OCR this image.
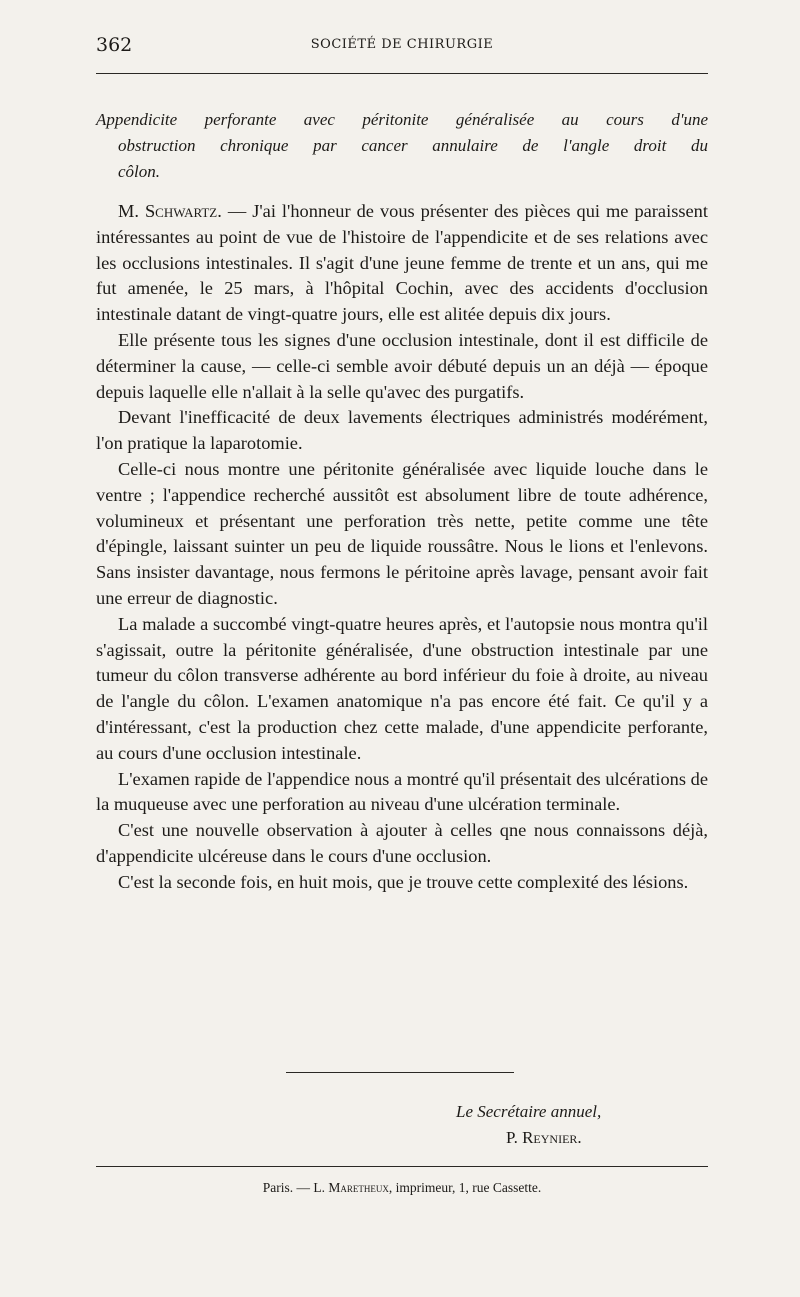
362	SOCIÉTÉ DE CHIRURGIE
Appendicite perforante avec péritonite généralisée au cours d'une
obstruction chronique par cancer annulaire de l'angle droit du
côlon.

M. Schwartz. — J'ai l'honneur de vous présenter des pièces qui me paraissent intéressantes au point de vue de l'histoire de l'appendicite et de ses relations avec les occlusions intestinales. Il s'agit d'une jeune femme de trente et un ans, qui me fut amenée, le 25 mars, à l'hôpital Cochin, avec des accidents d'occlusion intestinale datant de vingt-quatre jours, elle est alitée depuis dix jours.

Elle présente tous les signes d'une occlusion intestinale, dont il est difficile de déterminer la cause, — celle-ci semble avoir débuté depuis un an déjà — époque depuis laquelle elle n'allait à la selle qu'avec des purgatifs.

Devant l'inefficacité de deux lavements électriques administrés modérément, l'on pratique la laparotomie.

Celle-ci nous montre une péritonite généralisée avec liquide louche dans le ventre ; l'appendice recherché aussitôt est absolument libre de toute adhérence, volumineux et présentant une perforation très nette, petite comme une tête d'épingle, laissant suinter un peu de liquide roussâtre. Nous le lions et l'enlevons. Sans insister davantage, nous fermons le péritoine après lavage, pensant avoir fait une erreur de diagnostic.

La malade a succombé vingt-quatre heures après, et l'autopsie nous montra qu'il s'agissait, outre la péritonite généralisée, d'une obstruction intestinale par une tumeur du côlon transverse adhérente au bord inférieur du foie à droite, au niveau de l'angle du côlon. L'examen anatomique n'a pas encore été fait. Ce qu'il y a d'intéressant, c'est la production chez cette malade, d'une appendicite perforante, au cours d'une occlusion intestinale.

L'examen rapide de l'appendice nous a montré qu'il présentait des ulcérations de la muqueuse avec une perforation au niveau d'une ulcération terminale.

C'est une nouvelle observation à ajouter à celles qne nous connaissons déjà, d'appendicite ulcéreuse dans le cours d'une occlusion.

C'est la seconde fois, en huit mois, que je trouve cette complexité des lésions.

Le Secrétaire annuel,
P. Reynier.
Paris. — L. Maretheux, imprimeur, 1, rue Cassette.
